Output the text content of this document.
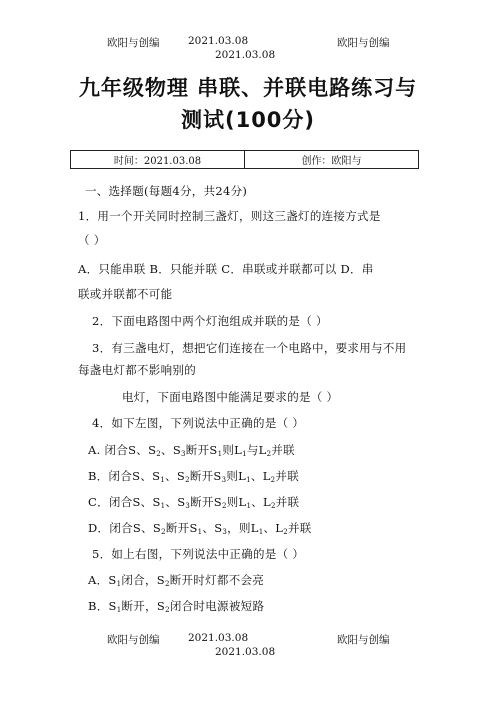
欧阳与创编	2021.03.08	欧阳与创编
2021.03.08
九年级物理 串联、并联电路练习与
测试(100分)
时间：2021.03.08	创作：欧阳与
一、选择题(每题4分，共24分)
1．用一个开关同时控制三盏灯，则这三盏灯的连接方式是
（ ）
A．只能串联 B．只能并联 C．串联或并联都可以 D．串
联或并联都不可能
2．下面电路图中两个灯泡组成并联的是（ ）
3．有三盏电灯，想把它们连接在一个电路中，要求用与不用
每盏电灯都不影响别的
电灯，下面电路图中能满足要求的是（ ）
4．如下左图，下列说法中正确的是（ ）
A. 闭合S、$S_2$、$S_3$断开$S_1$则$L_1$与$L_2$并联
B．闭合S、$S_1$、$S_2$断开$S_3$则$L_1$、$L_2$并联
C．闭合S、$S_1$、$S_3$断开$S_2$则$L_1$、$L_2$并联
D．闭合S、$S_2$断开$S_1$、$S_3$，则$L_1$、$L_2$并联
5．如上右图，下列说法中正确的是（ ）
A．$S_1$闭合，$S_2$断开时灯都不会亮
B．$S_1$断开，$S_2$闭合时电源被短路
欧阳与创编	2021.03.08	欧阳与创编
2021.03.08
